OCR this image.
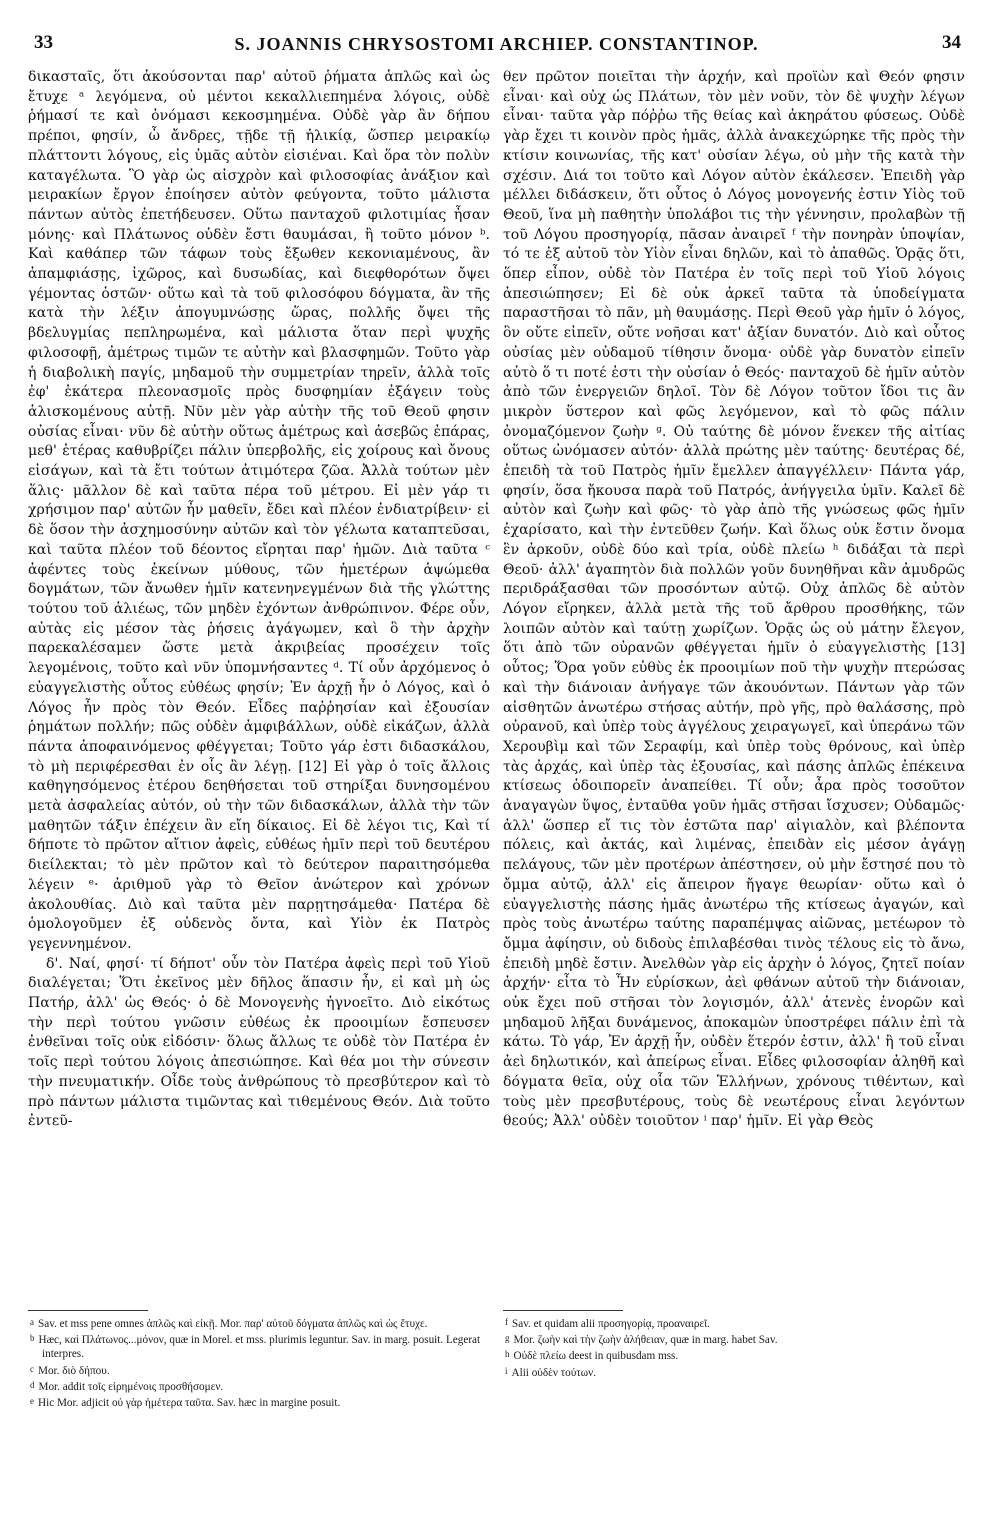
33	S. JOANNIS CHRYSOSTOMI ARCHIEP. CONSTANTINOP.	34

δικασταῖς, ὅτι ἀκούσονται παρ' αὐτοῦ ῥήματα ἁπλῶς καὶ ὡς ἔτυχε ᵃ λεγόμενα, οὐ μέντοι κεκαλλιεπημένα λόγοις, οὐδὲ ῥήμασί τε καὶ ὀνόμασι κεκοσμημένα. Οὐδὲ γὰρ ἂν δήπου πρέποι, φησίν, ὦ ἄνδρες, τῇδε τῇ ἡλικίᾳ, ὥσπερ μειρακίῳ πλάττοντι λόγους, εἰς ὑμᾶς αὐτὸν εἰσιέναι. Καὶ ὅρα τὸν πολὺν καταγέλωτα. Ὃ γὰρ ὡς αἰσχρὸν καὶ φιλοσοφίας ἀνάξιον καὶ μειρακίων ἔργον ἐποίησεν αὐτὸν φεύγοντα, τοῦτο μάλιστα πάντων αὐτὸς ἐπετήδευσεν. Οὕτω πανταχοῦ φιλοτιμίας ἦσαν μόνης· καὶ Πλάτωνος οὐδὲν ἔστι θαυμάσαι, ἢ τοῦτο μόνον ᵇ. Καὶ καθάπερ τῶν τάφων τοὺς ἔξωθεν κεκονιαμένους, ἂν ἀπαμφιάσῃς, ἰχῶρος, καὶ δυσωδίας, καὶ διεφθορότων ὄψει γέμοντας ὀστῶν· οὕτω καὶ τὰ τοῦ φιλοσόφου δόγματα, ἂν τῆς κατὰ τὴν λέξιν ἀπογυμνώσῃς ὥρας, πολλῆς ὄψει τῆς βδελυγμίας πεπληρωμένα, καὶ μάλιστα ὅταν περὶ ψυχῆς φιλοσοφῇ, ἀμέτρως τιμῶν τε αὐτὴν καὶ βλασφημῶν. Τοῦτο γὰρ ἡ διαβολικὴ παγίς, μηδαμοῦ τὴν συμμετρίαν τηρεῖν, ἀλλὰ τοῖς ἐφ' ἑκάτερα πλεονασμοῖς πρὸς δυσφημίαν ἐξάγειν τοὺς ἁλισκομένους αὐτῇ. Νῦν μὲν γὰρ αὐτὴν τῆς τοῦ Θεοῦ φησιν οὐσίας εἶναι· νῦν δὲ αὐτὴν οὕτως ἀμέτρως καὶ ἀσεβῶς ἐπάρας, μεθ' ἑτέρας καθυβρίζει πάλιν ὑπερβολῆς, εἰς χοίρους καὶ ὄνους εἰσάγων, καὶ τὰ ἔτι τούτων ἀτιμότερα ζῶα. Ἀλλὰ τούτων μὲν ἅλις· μᾶλλον δὲ καὶ ταῦτα πέρα τοῦ μέτρου. Εἰ μὲν γάρ τι χρήσιμον παρ' αὐτῶν ἦν μαθεῖν, ἔδει καὶ πλέον ἐνδιατρίβειν· εἰ δὲ ὅσον τὴν ἀσχημοσύνην αὐτῶν καὶ τὸν γέλωτα καταπτεῦσαι, καὶ ταῦτα πλέον τοῦ δέοντος εἴρηται παρ' ἡμῶν. Διὰ ταῦτα ᶜ ἀφέντες τοὺς ἐκείνων μύθους, τῶν ἡμετέρων ἁψώμεθα δογμάτων, τῶν ἄνωθεν ἡμῖν κατενηνεγμένων διὰ τῆς γλώττης τούτου τοῦ ἁλιέως, τῶν μηδὲν ἐχόντων ἀνθρώπινον. Φέρε οὖν, αὐτὰς εἰς μέσον τὰς ῥήσεις ἀγάγωμεν, καὶ ὃ τὴν ἀρχὴν παρεκαλέσαμεν ὥστε μετὰ ἀκριβείας προσέχειν τοῖς λεγομένοις, τοῦτο καὶ νῦν ὑπομνήσαντες ᵈ. Τί οὖν ἀρχόμενος ὁ εὐαγγελιστὴς οὗτος εὐθέως φησίν; Ἐν ἀρχῇ ἦν ὁ Λόγος, καὶ ὁ Λόγος ἦν πρὸς τὸν Θεόν. Εἶδες παῤῥησίαν καὶ ἐξουσίαν ῥημάτων πολλήν; πῶς οὐδὲν ἀμφιβάλλων, οὐδὲ εἰκάζων, ἀλλὰ πάντα ἀποφαινόμενος φθέγγεται; Τοῦτο γάρ ἐστι διδασκάλου, τὸ μὴ περιφέρεσθαι ἐν οἷς ἂν λέγῃ. [12] Εἰ γὰρ ὁ τοῖς ἄλλοις καθηγησόμενος ἑτέρου δεηθήσεται τοῦ στηρίξαι δυνησομένου μετὰ ἀσφαλείας αὐτόν, οὐ τὴν τῶν διδασκάλων, ἀλλὰ τὴν τῶν μαθητῶν τάξιν ἐπέχειν ἂν εἴη δίκαιος. Εἰ δὲ λέγοι τις, Καὶ τί δήποτε τὸ πρῶτον αἴτιον ἀφεὶς, εὐθέως ἡμῖν περὶ τοῦ δευτέρου διείλεκται; τὸ μὲν πρῶτον καὶ τὸ δεύτερον παραιτησόμεθα λέγειν ᵉ· ἀριθμοῦ γὰρ τὸ Θεῖον ἀνώτερον καὶ χρόνων ἀκολουθίας. Διὸ καὶ ταῦτα μὲν παρῃτησάμεθα· Πατέρα δὲ ὁμολογοῦμεν ἐξ οὐδενὸς ὄντα, καὶ Υἱὸν ἐκ Πατρὸς γεγεννημένον.

δ'. Ναί, φησί· τί δήποτ' οὖν τὸν Πατέρα ἀφεὶς περὶ τοῦ Υἱοῦ διαλέγεται; Ὅτι ἐκεῖνος μὲν δῆλος ἅπασιν ἦν, εἰ καὶ μὴ ὡς Πατήρ, ἀλλ' ὡς Θεός· ὁ δὲ Μονογενὴς ἠγνοεῖτο. Διὸ εἰκότως τὴν περὶ τούτου γνῶσιν εὐθέως ἐκ προοιμίων ἔσπευσεν ἐνθεῖναι τοῖς οὐκ εἰδόσιν· ὅλως ἄλλως τε οὐδὲ τὸν Πατέρα ἐν τοῖς περὶ τούτου λόγοις ἀπεσιώπησε. Καὶ θέα μοι τὴν σύνεσιν τὴν πνευματικήν. Οἶδε τοὺς ἀνθρώπους τὸ πρεσβύτερον καὶ τὸ πρὸ πάντων μάλιστα τιμῶντας καὶ τιθεμένους Θεόν. Διὰ τοῦτο ἐντεῦ-

a Sav. et mss pene omnes ἁπλῶς καὶ εἰκῇ. Mor. παρ' αὐτοῦ δόγματα ἁπλῶς καὶ ὡς ἔτυχε.

b Hæc, καὶ Πλάτωνος...μόνον, quæ in Morel. et mss. plurimis leguntur. Sav. in marg. posuit. Legerat interpres.

c Mor. διὸ δήπου.

d Mor. addit τοῖς εἰρημένοις προσθήσομεν.

e Hic Mor. adjicit οὐ γὰρ ἡμέτερα ταῦτα. Sav. hæc in margine posuit.

θεν πρῶτον ποιεῖται τὴν ἀρχήν, καὶ προϊὼν καὶ Θεόν φησιν εἶναι· καὶ οὐχ ὡς Πλάτων, τὸν μὲν νοῦν, τὸν δὲ ψυχὴν λέγων εἶναι· ταῦτα γὰρ πόῤῥω τῆς θείας καὶ ἀκηράτου φύσεως. Οὐδὲ γὰρ ἔχει τι κοινὸν πρὸς ἡμᾶς, ἀλλὰ ἀνακεχώρηκε τῆς πρὸς τὴν κτίσιν κοινωνίας, τῆς κατ' οὐσίαν λέγω, οὐ μὴν τῆς κατὰ τὴν σχέσιν. Διά τοι τοῦτο καὶ Λόγον αὐτὸν ἐκάλεσεν. Ἐπειδὴ γὰρ μέλλει διδάσκειν, ὅτι οὗτος ὁ Λόγος μονογενής ἐστιν Υἱὸς τοῦ Θεοῦ, ἵνα μὴ παθητὴν ὑπολάβοι τις τὴν γέννησιν, προλαβὼν τῇ τοῦ Λόγου προσηγορίᾳ, πᾶσαν ἀναιρεῖ ᶠ τὴν πονηρὰν ὑποψίαν, τό τε ἐξ αὐτοῦ τὸν Υἱὸν εἶναι δηλῶν, καὶ τὸ ἀπαθῶς. Ὁρᾷς ὅτι, ὅπερ εἶπον, οὐδὲ τὸν Πατέρα ἐν τοῖς περὶ τοῦ Υἱοῦ λόγοις ἀπεσιώπησεν; Εἰ δὲ οὐκ ἀρκεῖ ταῦτα τὰ ὑποδείγματα παραστῆσαι τὸ πᾶν, μὴ θαυμάσῃς. Περὶ Θεοῦ γὰρ ἡμῖν ὁ λόγος, ὃν οὔτε εἰπεῖν, οὔτε νοῆσαι κατ' ἀξίαν δυνατόν. Διὸ καὶ οὗτος οὐσίας μὲν οὐδαμοῦ τίθησιν ὄνομα· οὐδὲ γὰρ δυνατὸν εἰπεῖν αὐτὸ ὅ τι ποτέ ἐστι τὴν οὐσίαν ὁ Θεός· πανταχοῦ δὲ ἡμῖν αὐτὸν ἀπὸ τῶν ἐνεργειῶν δηλοῖ. Τὸν δὲ Λόγον τοῦτον ἴδοι τις ἂν μικρὸν ὕστερον καὶ φῶς λεγόμενον, καὶ τὸ φῶς πάλιν ὀνομαζόμενον ζωὴν ᵍ. Οὐ ταύτης δὲ μόνον ἕνεκεν τῆς αἰτίας οὕτως ὠνόμασεν αὐτόν· ἀλλὰ πρώτης μὲν ταύτης· δευτέρας δέ, ἐπειδὴ τὰ τοῦ Πατρὸς ἡμῖν ἔμελλεν ἀπαγγέλλειν· Πάντα γάρ, φησίν, ὅσα ἤκουσα παρὰ τοῦ Πατρός, ἀνήγγειλα ὑμῖν. Καλεῖ δὲ αὐτὸν καὶ ζωὴν καὶ φῶς· τὸ γὰρ ἀπὸ τῆς γνώσεως φῶς ἡμῖν ἐχαρίσατο, καὶ τὴν ἐντεῦθεν ζωήν. Καὶ ὅλως οὐκ ἔστιν ὄνομα ἓν ἀρκοῦν, οὐδὲ δύο καὶ τρία, οὐδὲ πλείω ʰ διδάξαι τὰ περὶ Θεοῦ· ἀλλ' ἀγαπητὸν διὰ πολλῶν γοῦν δυνηθῆναι κἂν ἀμυδρῶς περιδράξασθαι τῶν προσόντων αὐτῷ. Οὐχ ἁπλῶς δὲ αὐτὸν Λόγον εἴρηκεν, ἀλλὰ μετὰ τῆς τοῦ ἄρθρου προσθήκης, τῶν λοιπῶν αὐτὸν καὶ ταύτῃ χωρίζων. Ὁρᾷς ὡς οὐ μάτην ἔλεγον, ὅτι ἀπὸ τῶν οὐρανῶν φθέγγεται ἡμῖν ὁ εὐαγγελιστὴς [13] οὗτος; Ὅρα γοῦν εὐθὺς ἐκ προοιμίων ποῦ τὴν ψυχὴν πτερώσας καὶ τὴν διάνοιαν ἀνήγαγε τῶν ἀκουόντων. Πάντων γὰρ τῶν αἰσθητῶν ἀνωτέρω στήσας αὐτήν, πρὸ γῆς, πρὸ θαλάσσης, πρὸ οὐρανοῦ, καὶ ὑπὲρ τοὺς ἀγγέλους χειραγωγεῖ, καὶ ὑπεράνω τῶν Χερουβὶμ καὶ τῶν Σεραφίμ, καὶ ὑπὲρ τοὺς θρόνους, καὶ ὑπὲρ τὰς ἀρχάς, καὶ ὑπὲρ τὰς ἐξουσίας, καὶ πάσης ἁπλῶς ἐπέκεινα κτίσεως ὁδοιπορεῖν ἀναπείθει. Τί οὖν; ἆρα πρὸς τοσοῦτον ἀναγαγὼν ὕψος, ἐνταῦθα γοῦν ἡμᾶς στῆσαι ἴσχυσεν; Οὐδαμῶς· ἀλλ' ὥσπερ εἴ τις τὸν ἑστῶτα παρ' αἰγιαλὸν, καὶ βλέποντα πόλεις, καὶ ἀκτάς, καὶ λιμένας, ἐπειδὰν εἰς μέσον ἀγάγῃ πελάγους, τῶν μὲν προτέρων ἀπέστησεν, οὐ μὴν ἔστησέ που τὸ ὄμμα αὐτῷ, ἀλλ' εἰς ἄπειρον ἤγαγε θεωρίαν· οὕτω καὶ ὁ εὐαγγελιστὴς πάσης ἡμᾶς ἀνωτέρω τῆς κτίσεως ἀγαγών, καὶ πρὸς τοὺς ἀνωτέρω ταύτης παραπέμψας αἰῶνας, μετέωρον τὸ ὄμμα ἀφίησιν, οὐ διδοὺς ἐπιλαβέσθαι τινὸς τέλους εἰς τὸ ἄνω, ἐπειδὴ μηδὲ ἔστιν. Ἀνελθὼν γὰρ εἰς ἀρχὴν ὁ λόγος, ζητεῖ ποίαν ἀρχήν· εἶτα τὸ Ἦν εὑρίσκων, ἀεὶ φθάνων αὐτοῦ τὴν διάνοιαν, οὐκ ἔχει ποῦ στῆσαι τὸν λογισμόν, ἀλλ' ἀτενὲς ἐνορῶν καὶ μηδαμοῦ λῆξαι δυνάμενος, ἀποκαμὼν ὑποστρέφει πάλιν ἐπὶ τὰ κάτω. Τὸ γάρ, Ἐν ἀρχῇ ἦν, οὐδὲν ἕτερόν ἐστιν, ἀλλ' ἢ τοῦ εἶναι ἀεὶ δηλωτικόν, καὶ ἀπείρως εἶναι. Εἶδες φιλοσοφίαν ἀληθῆ καὶ δόγματα θεῖα, οὐχ οἷα τῶν Ἑλλήνων, χρόνους τιθέντων, καὶ τοὺς μὲν πρεσβυτέρους, τοὺς δὲ νεωτέρους εἶναι λεγόντων θεούς; Ἀλλ' οὐδὲν τοιοῦτον ⁱ παρ' ἡμῖν. Εἰ γὰρ Θεὸς

f Sav. et quidam alii προσηγορίᾳ, προαναιρεῖ.

g Mor. ζωὴν καὶ τὴν ζωὴν ἀλήθειαν, quæ in marg. habet Sav.

h Οὐδὲ πλείω deest in quibusdam mss.

i Alii οὐδὲν τούτων.
